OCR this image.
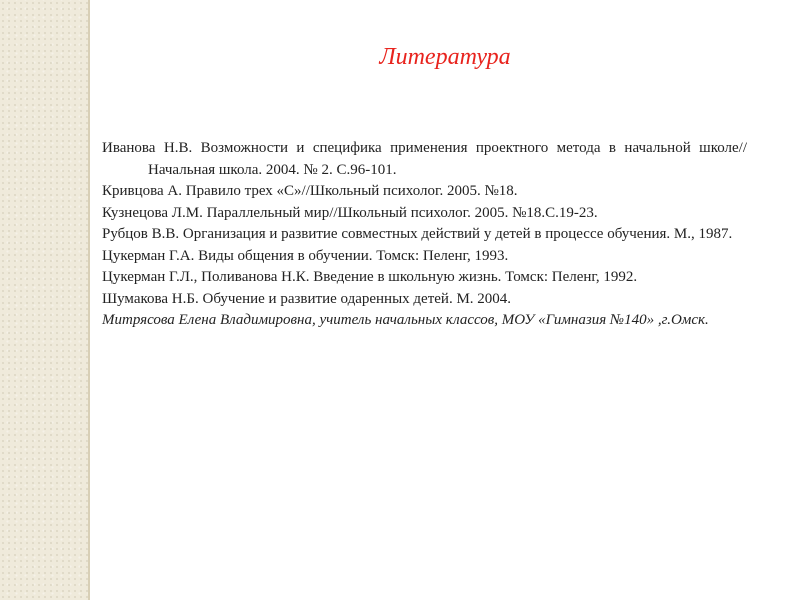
Литература
Иванова Н.В. Возможности и специфика применения проектного метода в начальной школе//Начальная школа. 2004. № 2. С.96-101.
Кривцова А. Правило трех «С»//Школьный психолог. 2005. №18.
Кузнецова Л.М. Параллельный мир//Школьный психолог. 2005. №18.С.19-23.
Рубцов В.В. Организация и развитие совместных действий у детей в процессе обучения. М., 1987.
Цукерман Г.А. Виды общения в обучении. Томск: Пеленг, 1993.
Цукерман Г.Л., Поливанова Н.К. Введение в школьную жизнь. Томск: Пеленг, 1992.
Шумакова Н.Б. Обучение и развитие одаренных детей. М. 2004.
Митрясова Елена Владимировна, учитель начальных классов, МОУ «Гимназия №140» ,г.Омск.
